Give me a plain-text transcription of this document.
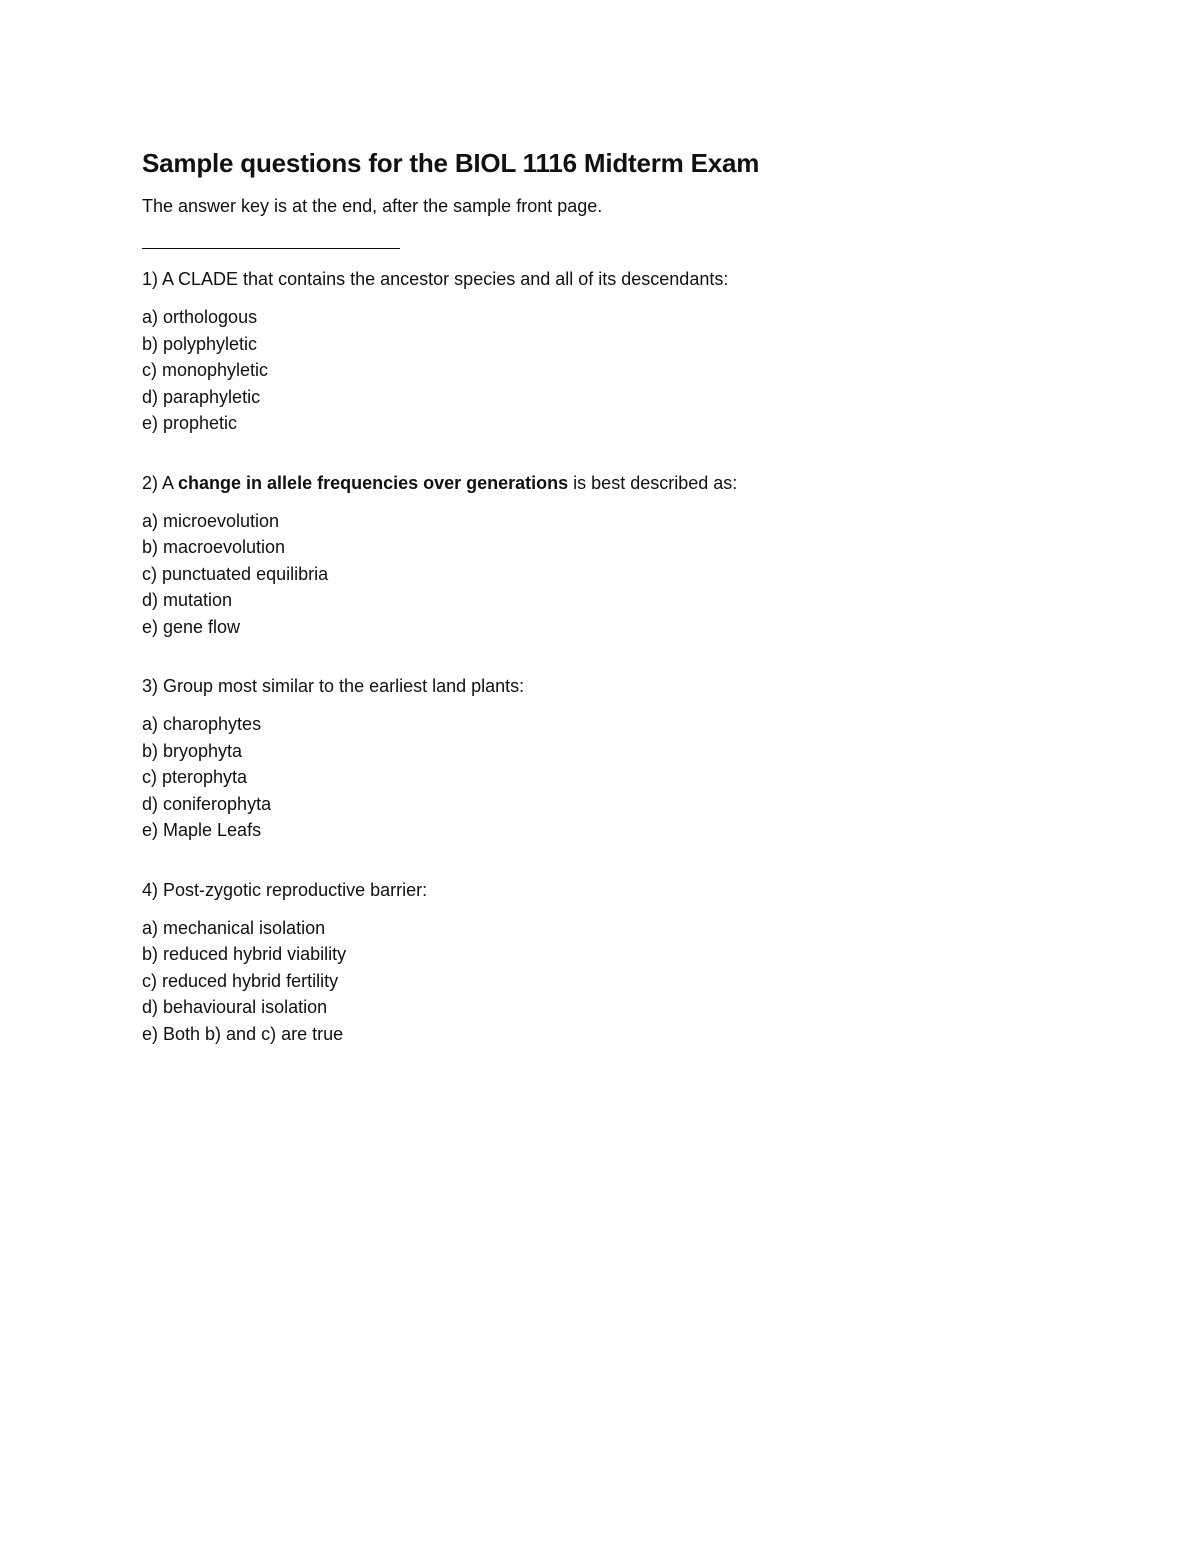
Sample questions for the BIOL 1116 Midterm Exam

The answer key is at the end, after the sample front page.

1) A CLADE that contains the ancestor species and all of its descendants:

a) orthologous
b) polyphyletic
c) monophyletic
d) paraphyletic
e) prophetic

2) A change in allele frequencies over generations is best described as:

a) microevolution
b) macroevolution
c) punctuated equilibria
d) mutation
e) gene flow

3) Group most similar to the earliest land plants:

a) charophytes
b) bryophyta
c) pterophyta
d) coniferophyta
e) Maple Leafs

4) Post-zygotic reproductive barrier:

a) mechanical isolation
b) reduced hybrid viability
c) reduced hybrid fertility
d) behavioural isolation
e) Both b) and c) are true
